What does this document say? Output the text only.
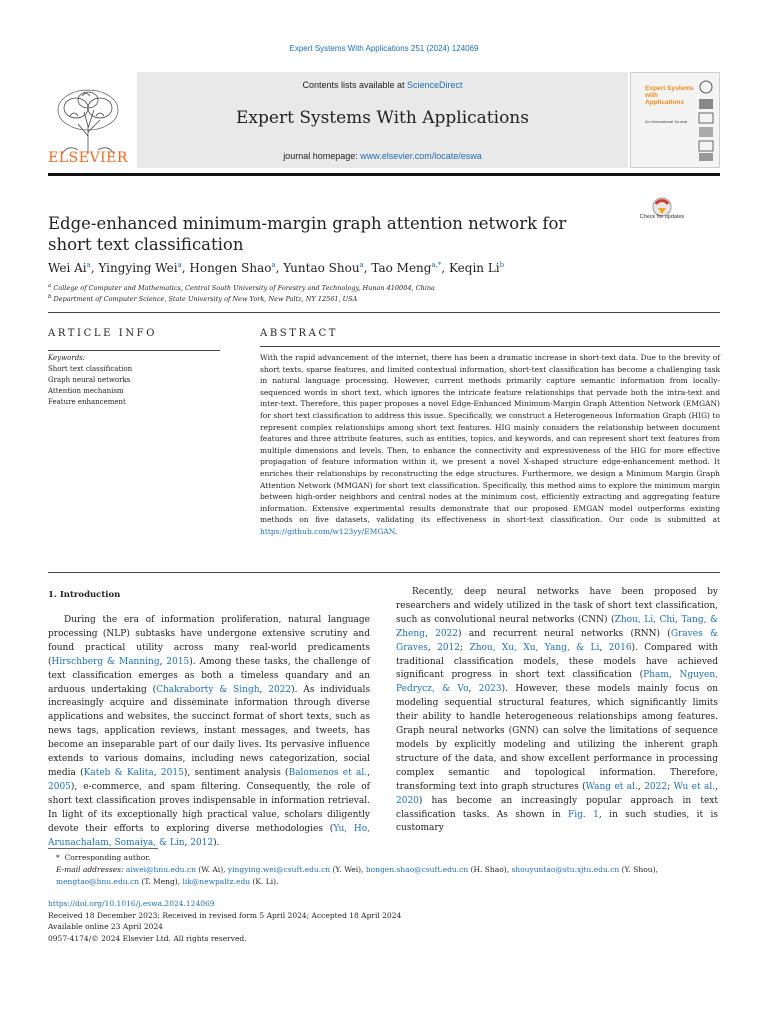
Expert Systems With Applications 251 (2024) 124069
ELSEVIER
Contents lists available at ScienceDirect
Expert Systems With Applications
journal homepage: www.elsevier.com/locate/eswa
Expert Systems with Applications
An International Journal
Edge-enhanced minimum-margin graph attention network for short text classification
Check for updates
Wei Ai$^a$, Yingying Wei$^a$, Hongen Shao$^a$, Yuntao Shou$^a$, Tao Meng$^{a,*}$, Keqin Li$^b$
$^a$ College of Computer and Mathematics, Central South University of Forestry and Technology, Hunan 410004, China
$^b$ Department of Computer Science, State University of New York, New Paltz, NY 12561, USA
ARTICLE INFO
Keywords:
Short text classification
Graph neural networks
Attention mechanism
Feature enhancement
ABSTRACT
With the rapid advancement of the internet, there has been a dramatic increase in short-text data. Due to the brevity of short texts, sparse features, and limited contextual information, short-text classification has become a challenging task in natural language processing. However, current methods primarily capture semantic information from locally-sequenced words in short text, which ignores the intricate feature relationships that pervade both the intra-text and inter-text. Therefore, this paper proposes a novel Edge-Enhanced Minimum-Margin Graph Attention Network (EMGAN) for short text classification to address this issue. Specifically, we construct a Heterogeneous Information Graph (HIG) to represent complex relationships among short text features. HIG mainly considers the relationship between document features and three attribute features, such as entities, topics, and keywords, and can represent short text features from multiple dimensions and levels. Then, to enhance the connectivity and expressiveness of the HIG for more effective propagation of feature information within it, we present a novel X-shaped structure edge-enhancement method. It enriches their relationships by reconstructing the edge structures. Furthermore, we design a Minimum Margin Graph Attention Network (MMGAN) for short text classification. Specifically, this method aims to explore the minimum margin between high-order neighbors and central nodes at the minimum cost, efficiently extracting and aggregating feature information. Extensive experimental results demonstrate that our proposed EMGAN model outperforms existing methods on five datasets, validating its effectiveness in short-text classification. Our code is submitted at https://github.com/w123yy/EMGAN.
1. Introduction

During the era of information proliferation, natural language processing (NLP) subtasks have undergone extensive scrutiny and found practical utility across many real-world predicaments (Hirschberg & Manning, 2015). Among these tasks, the challenge of text classification emerges as both a timeless quandary and an arduous undertaking (Chakraborty & Singh, 2022). As individuals increasingly acquire and disseminate information through diverse applications and websites, the succinct format of short texts, such as news tags, application reviews, instant messages, and tweets, has become an inseparable part of our daily lives. Its pervasive influence extends to various domains, including news categorization, social media (Kateb & Kalita, 2015), sentiment analysis (Balomenos et al., 2005), e-commerce, and spam filtering. Consequently, the role of short text classification proves indispensable in information retrieval. In light of its exceptionally high practical value, scholars diligently devote their efforts to exploring diverse methodologies (Yu, Ho, Arunachalam, Somaiya, & Lin, 2012).

Recently, deep neural networks have been proposed by researchers and widely utilized in the task of short text classification, such as convolutional neural networks (CNN) (Zhou, Li, Chi, Tang, & Zheng, 2022) and recurrent neural networks (RNN) (Graves & Graves, 2012; Zhou, Xu, Xu, Yang, & Li, 2016). Compared with traditional classification models, these models have achieved significant progress in short text classification (Pham, Nguyen, Pedrycz, & Vo, 2023). However, these models mainly focus on modeling sequential structural features, which significantly limits their ability to handle heterogeneous relationships among features. Graph neural networks (GNN) can solve the limitations of sequence models by explicitly modeling and utilizing the inherent graph structure of the data, and show excellent performance in processing complex semantic and topological information. Therefore, transforming text into graph structures (Wang et al., 2022; Wu et al., 2020) has become an increasingly popular approach in text classification tasks. As shown in Fig. 1, in such studies, it is customary

* Corresponding author.
E-mail addresses: aiwei@hnu.edu.cn (W. Ai), yingying.wei@csuft.edu.cn (Y. Wei), hongen.shao@csuft.edu.cn (H. Shao), shouyuntao@stu.xjtu.edu.cn (Y. Shou), mengtao@hnu.edu.cn (T. Meng), lik@newpaltz.edu (K. Li).
https://doi.org/10.1016/j.eswa.2024.124069
Received 18 December 2023; Received in revised form 5 April 2024; Accepted 18 April 2024
Available online 23 April 2024
0957-4174/© 2024 Elsevier Ltd. All rights reserved.
